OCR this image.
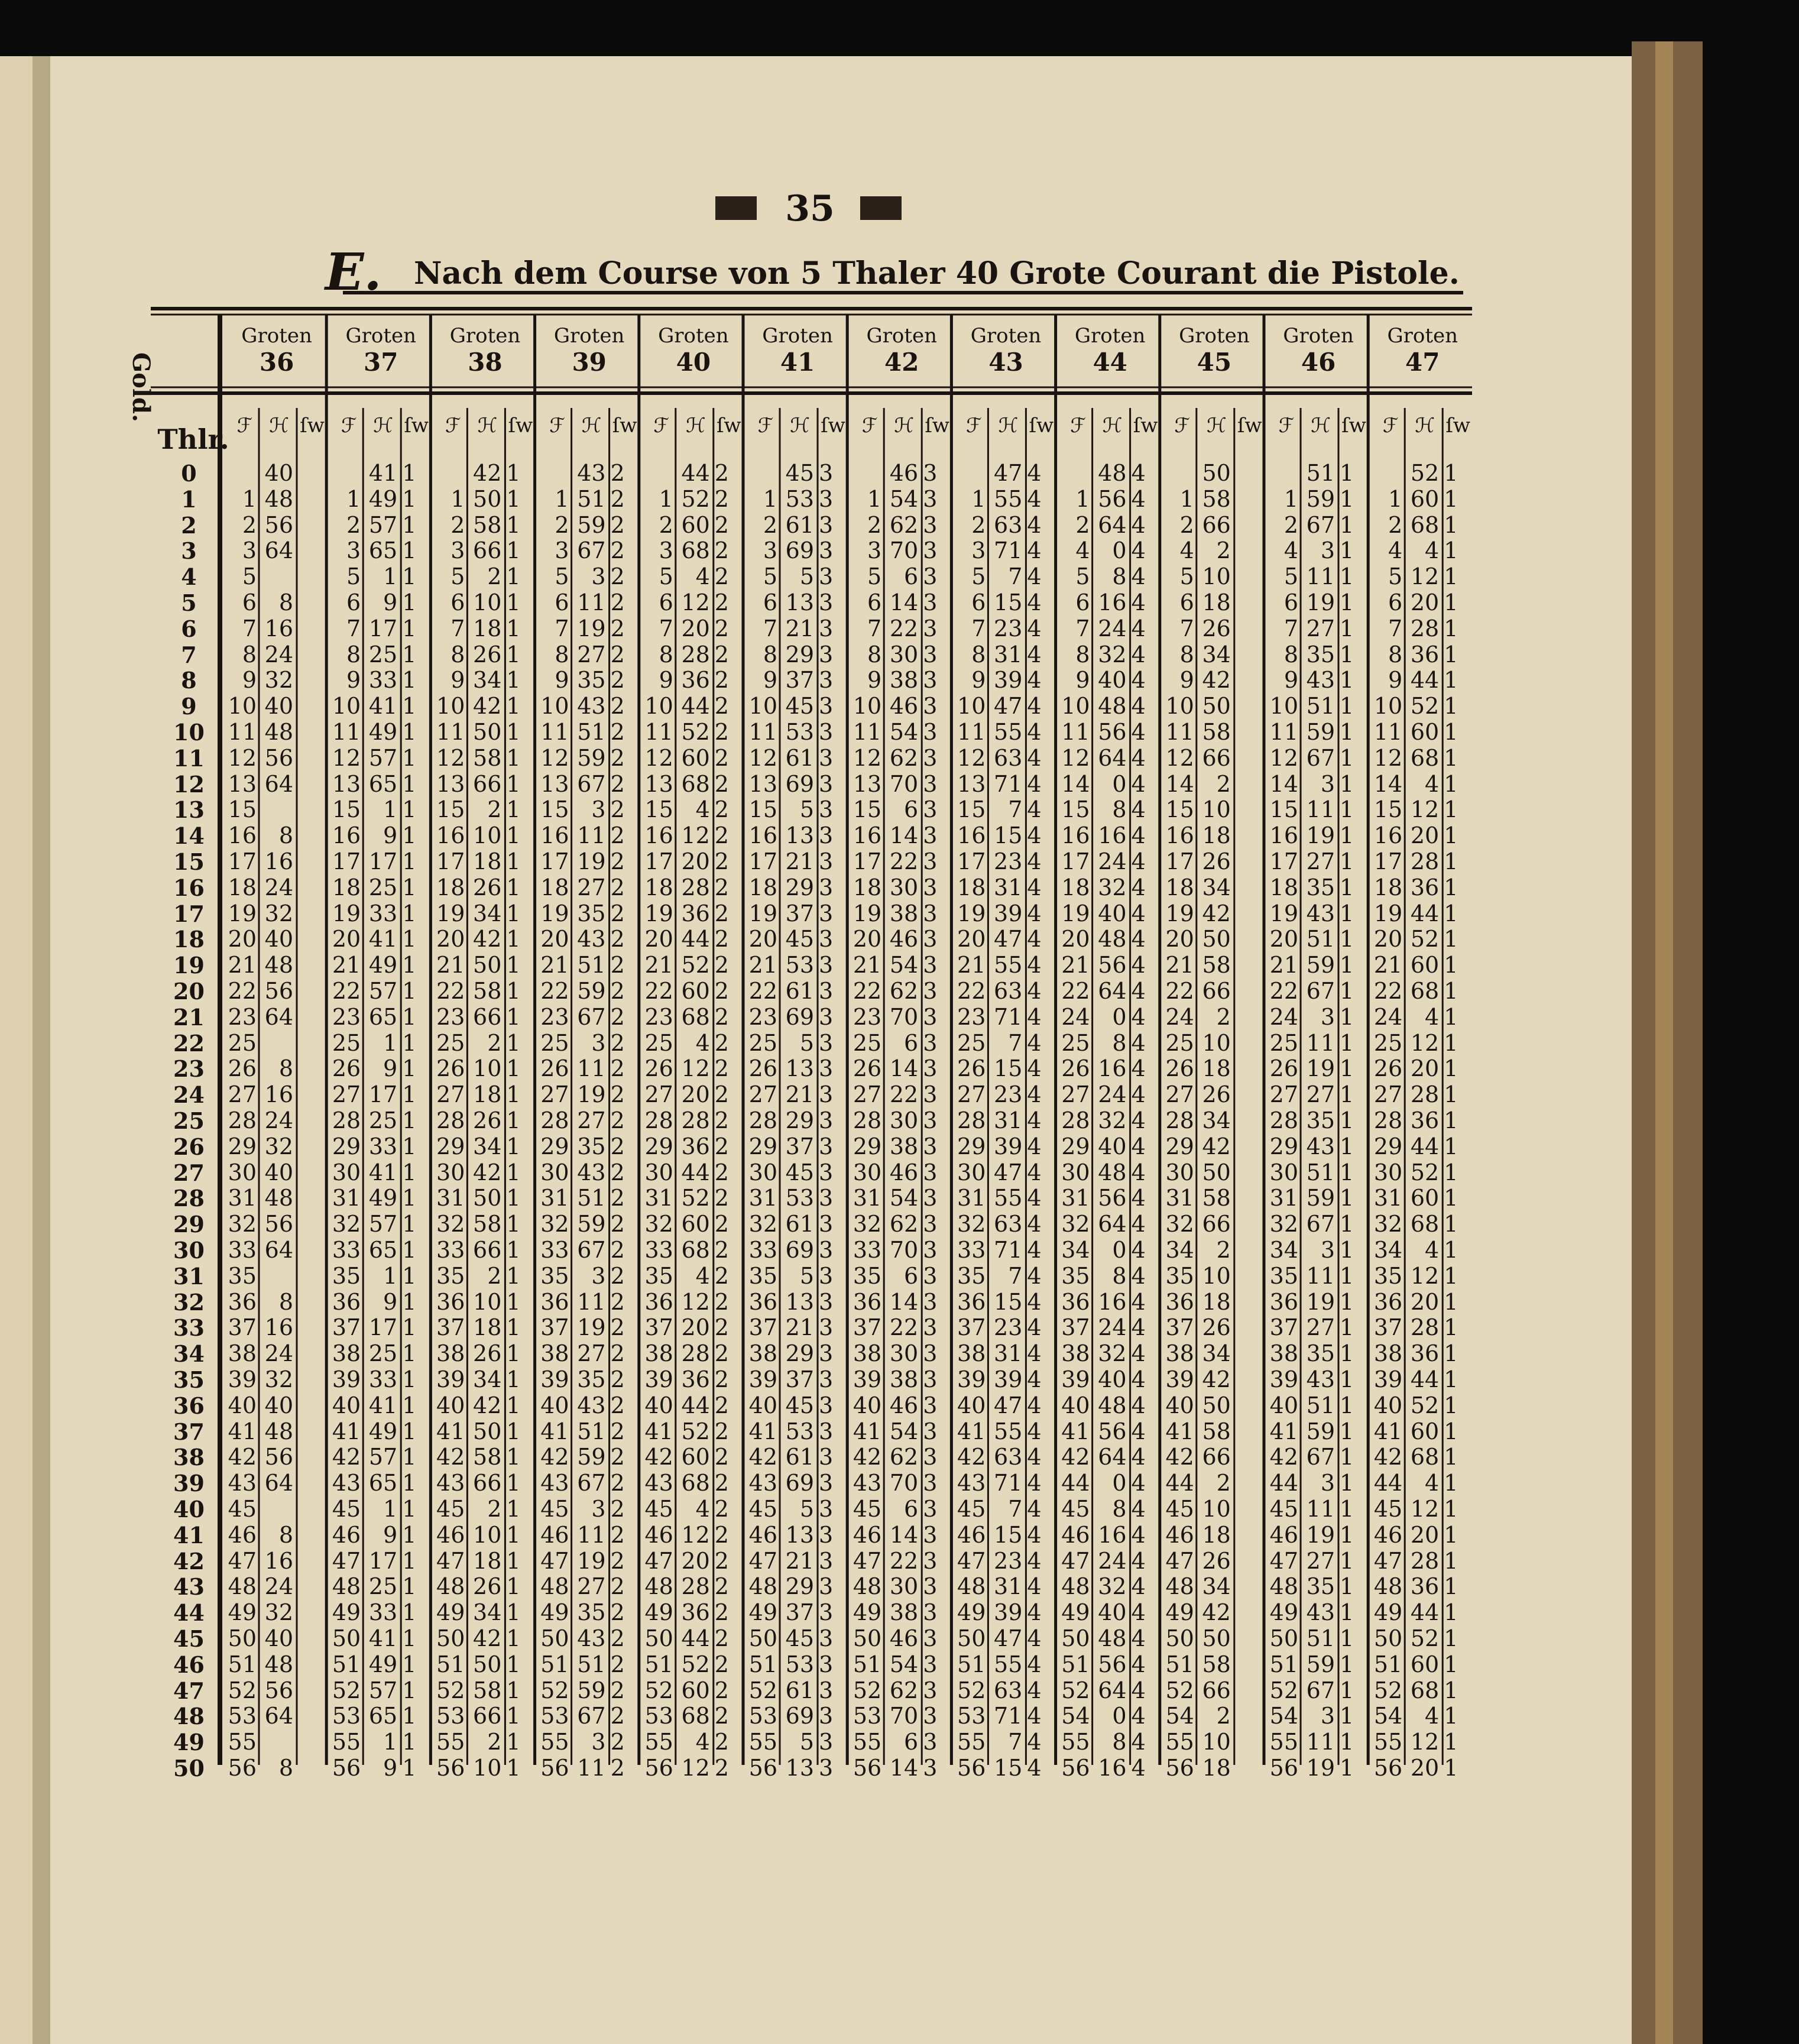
35
E. Nach dem Course von 5 Thaler 40 Grote Courant die Pistole.
Gold.
Thlr.
0
1
2
3
4
5
6
7
8
9
10
11
12
13
14
15
16
17
18
19
20
21
22
23
24
25
26
27
28
29
30
31
32
33
34
35
36
37
38
39
40
41
42
43
44
45
46
47
48
49
50
Groten
36
ℱ ℋ ſw
40
1 48
2 56
3 64
5
6 8
7 16
8 24
9 32
10 40
11 48
12 56
13 64
15
16 8
17 16
18 24
19 32
20 40
21 48
22 56
23 64
25
26 8
27 16
28 24
29 32
30 40
31 48
32 56
33 64
35
36 8
37 16
38 24
39 32
40 40
41 48
42 56
43 64
45
46 8
47 16
48 24
49 32
50 40
51 48
52 56
53 64
55
56 8
Groten
37
ℱ ℋ ſw
41 1
1 49 1
2 57 1
3 65 1
5 1 1
6 9 1
7 17 1
8 25 1
9 33 1
10 41 1
11 49 1
12 57 1
13 65 1
15 1 1
16 9 1
17 17 1
18 25 1
19 33 1
20 41 1
21 49 1
22 57 1
23 65 1
25 1 1
26 9 1
27 17 1
28 25 1
29 33 1
30 41 1
31 49 1
32 57 1
33 65 1
35 1 1
36 9 1
37 17 1
38 25 1
39 33 1
40 41 1
41 49 1
42 57 1
43 65 1
45 1 1
46 9 1
47 17 1
48 25 1
49 33 1
50 41 1
51 49 1
52 57 1
53 65 1
55 1 1
56 9 1
Groten
38
ℱ ℋ ſw
42 1
1 50 1
2 58 1
3 66 1
5 2 1
6 10 1
7 18 1
8 26 1
9 34 1
10 42 1
11 50 1
12 58 1
13 66 1
15 2 1
16 10 1
17 18 1
18 26 1
19 34 1
20 42 1
21 50 1
22 58 1
23 66 1
25 2 1
26 10 1
27 18 1
28 26 1
29 34 1
30 42 1
31 50 1
32 58 1
33 66 1
35 2 1
36 10 1
37 18 1
38 26 1
39 34 1
40 42 1
41 50 1
42 58 1
43 66 1
45 2 1
46 10 1
47 18 1
48 26 1
49 34 1
50 42 1
51 50 1
52 58 1
53 66 1
55 2 1
56 10 1
Groten
39
ℱ ℋ ſw
43 2
1 51 2
2 59 2
3 67 2
5 3 2
6 11 2
7 19 2
8 27 2
9 35 2
10 43 2
11 51 2
12 59 2
13 67 2
15 3 2
16 11 2
17 19 2
18 27 2
19 35 2
20 43 2
21 51 2
22 59 2
23 67 2
25 3 2
26 11 2
27 19 2
28 27 2
29 35 2
30 43 2
31 51 2
32 59 2
33 67 2
35 3 2
36 11 2
37 19 2
38 27 2
39 35 2
40 43 2
41 51 2
42 59 2
43 67 2
45 3 2
46 11 2
47 19 2
48 27 2
49 35 2
50 43 2
51 51 2
52 59 2
53 67 2
55 3 2
56 11 2
Groten
40
ℱ ℋ ſw
44 2
1 52 2
2 60 2
3 68 2
5 4 2
6 12 2
7 20 2
8 28 2
9 36 2
10 44 2
11 52 2
12 60 2
13 68 2
15 4 2
16 12 2
17 20 2
18 28 2
19 36 2
20 44 2
21 52 2
22 60 2
23 68 2
25 4 2
26 12 2
27 20 2
28 28 2
29 36 2
30 44 2
31 52 2
32 60 2
33 68 2
35 4 2
36 12 2
37 20 2
38 28 2
39 36 2
40 44 2
41 52 2
42 60 2
43 68 2
45 4 2
46 12 2
47 20 2
48 28 2
49 36 2
50 44 2
51 52 2
52 60 2
53 68 2
55 4 2
56 12 2
Groten
41
ℱ ℋ ſw
45 3
1 53 3
2 61 3
3 69 3
5 5 3
6 13 3
7 21 3
8 29 3
9 37 3
10 45 3
11 53 3
12 61 3
13 69 3
15 5 3
16 13 3
17 21 3
18 29 3
19 37 3
20 45 3
21 53 3
22 61 3
23 69 3
25 5 3
26 13 3
27 21 3
28 29 3
29 37 3
30 45 3
31 53 3
32 61 3
33 69 3
35 5 3
36 13 3
37 21 3
38 29 3
39 37 3
40 45 3
41 53 3
42 61 3
43 69 3
45 5 3
46 13 3
47 21 3
48 29 3
49 37 3
50 45 3
51 53 3
52 61 3
53 69 3
55 5 3
56 13 3
Groten
42
ℱ ℋ ſw
46 3
1 54 3
2 62 3
3 70 3
5 6 3
6 14 3
7 22 3
8 30 3
9 38 3
10 46 3
11 54 3
12 62 3
13 70 3
15 6 3
16 14 3
17 22 3
18 30 3
19 38 3
20 46 3
21 54 3
22 62 3
23 70 3
25 6 3
26 14 3
27 22 3
28 30 3
29 38 3
30 46 3
31 54 3
32 62 3
33 70 3
35 6 3
36 14 3
37 22 3
38 30 3
39 38 3
40 46 3
41 54 3
42 62 3
43 70 3
45 6 3
46 14 3
47 22 3
48 30 3
49 38 3
50 46 3
51 54 3
52 62 3
53 70 3
55 6 3
56 14 3
Groten
43
ℱ ℋ ſw
47 4
1 55 4
2 63 4
3 71 4
5 7 4
6 15 4
7 23 4
8 31 4
9 39 4
10 47 4
11 55 4
12 63 4
13 71 4
15 7 4
16 15 4
17 23 4
18 31 4
19 39 4
20 47 4
21 55 4
22 63 4
23 71 4
25 7 4
26 15 4
27 23 4
28 31 4
29 39 4
30 47 4
31 55 4
32 63 4
33 71 4
35 7 4
36 15 4
37 23 4
38 31 4
39 39 4
40 47 4
41 55 4
42 63 4
43 71 4
45 7 4
46 15 4
47 23 4
48 31 4
49 39 4
50 47 4
51 55 4
52 63 4
53 71 4
55 7 4
56 15 4
Groten
44
ℱ ℋ ſw
48 4
1 56 4
2 64 4
4 0 4
5 8 4
6 16 4
7 24 4
8 32 4
9 40 4
10 48 4
11 56 4
12 64 4
14 0 4
15 8 4
16 16 4
17 24 4
18 32 4
19 40 4
20 48 4
21 56 4
22 64 4
24 0 4
25 8 4
26 16 4
27 24 4
28 32 4
29 40 4
30 48 4
31 56 4
32 64 4
34 0 4
35 8 4
36 16 4
37 24 4
38 32 4
39 40 4
40 48 4
41 56 4
42 64 4
44 0 4
45 8 4
46 16 4
47 24 4
48 32 4
49 40 4
50 48 4
51 56 4
52 64 4
54 0 4
55 8 4
56 16 4
Groten
45
ℱ ℋ ſw
50
1 58
2 66
4 2
5 10
6 18
7 26
8 34
9 42
10 50
11 58
12 66
14 2
15 10
16 18
17 26
18 34
19 42
20 50
21 58
22 66
24 2
25 10
26 18
27 26
28 34
29 42
30 50
31 58
32 66
34 2
35 10
36 18
37 26
38 34
39 42
40 50
41 58
42 66
44 2
45 10
46 18
47 26
48 34
49 42
50 50
51 58
52 66
54 2
55 10
56 18
Groten
46
ℱ ℋ ſw
51 1
1 59 1
2 67 1
4 3 1
5 11 1
6 19 1
7 27 1
8 35 1
9 43 1
10 51 1
11 59 1
12 67 1
14 3 1
15 11 1
16 19 1
17 27 1
18 35 1
19 43 1
20 51 1
21 59 1
22 67 1
24 3 1
25 11 1
26 19 1
27 27 1
28 35 1
29 43 1
30 51 1
31 59 1
32 67 1
34 3 1
35 11 1
36 19 1
37 27 1
38 35 1
39 43 1
40 51 1
41 59 1
42 67 1
44 3 1
45 11 1
46 19 1
47 27 1
48 35 1
49 43 1
50 51 1
51 59 1
52 67 1
54 3 1
55 11 1
56 19 1
Groten
47
ℱ ℋ ſw
52 1
1 60 1
2 68 1
4 4 1
5 12 1
6 20 1
7 28 1
8 36 1
9 44 1
10 52 1
11 60 1
12 68 1
14 4 1
15 12 1
16 20 1
17 28 1
18 36 1
19 44 1
20 52 1
21 60 1
22 68 1
24 4 1
25 12 1
26 20 1
27 28 1
28 36 1
29 44 1
30 52 1
31 60 1
32 68 1
34 4 1
35 12 1
36 20 1
37 28 1
38 36 1
39 44 1
40 52 1
41 60 1
42 68 1
44 4 1
45 12 1
46 20 1
47 28 1
48 36 1
49 44 1
50 52 1
51 60 1
52 68 1
54 4 1
55 12 1
56 20 1
